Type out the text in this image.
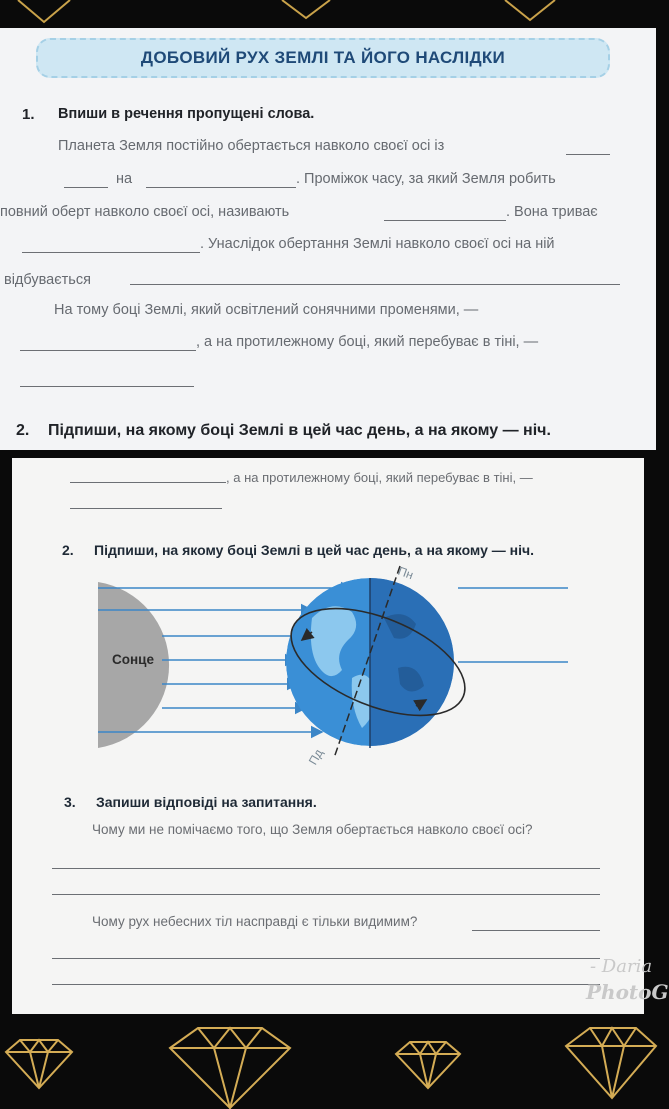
ДОБОВИЙ РУХ ЗЕМЛІ ТА ЙОГО НАСЛІДКИ
1. Впиши в речення пропущені слова.
Планета Земля постійно обертається навколо своєї осі із
на	. Проміжок часу, за який Земля робить
повний оберт навколо своєї осі, називають	. Вона триває
. Унаслідок обертання Землі навколо своєї осі на ній
відбувається
На тому боці Землі, який освітлений сонячними променями, —
, а на протилежному боці, який перебуває в тіні, —
2. Підпиши, на якому боці Землі в цей час день, а на якому — ніч.
, а на протилежному боці, який перебуває в тіні, —
2. Підпиши, на якому боці Землі в цей час день, а на якому — ніч.
Сонце
Пн
Пд
3. Запиши відповіді на запитання.
Чому ми не помічаємо того, що Земля обертається навколо своєї осі?
Чому рух небесних тіл насправді є тільки видимим?
- Daria
PhotoG
